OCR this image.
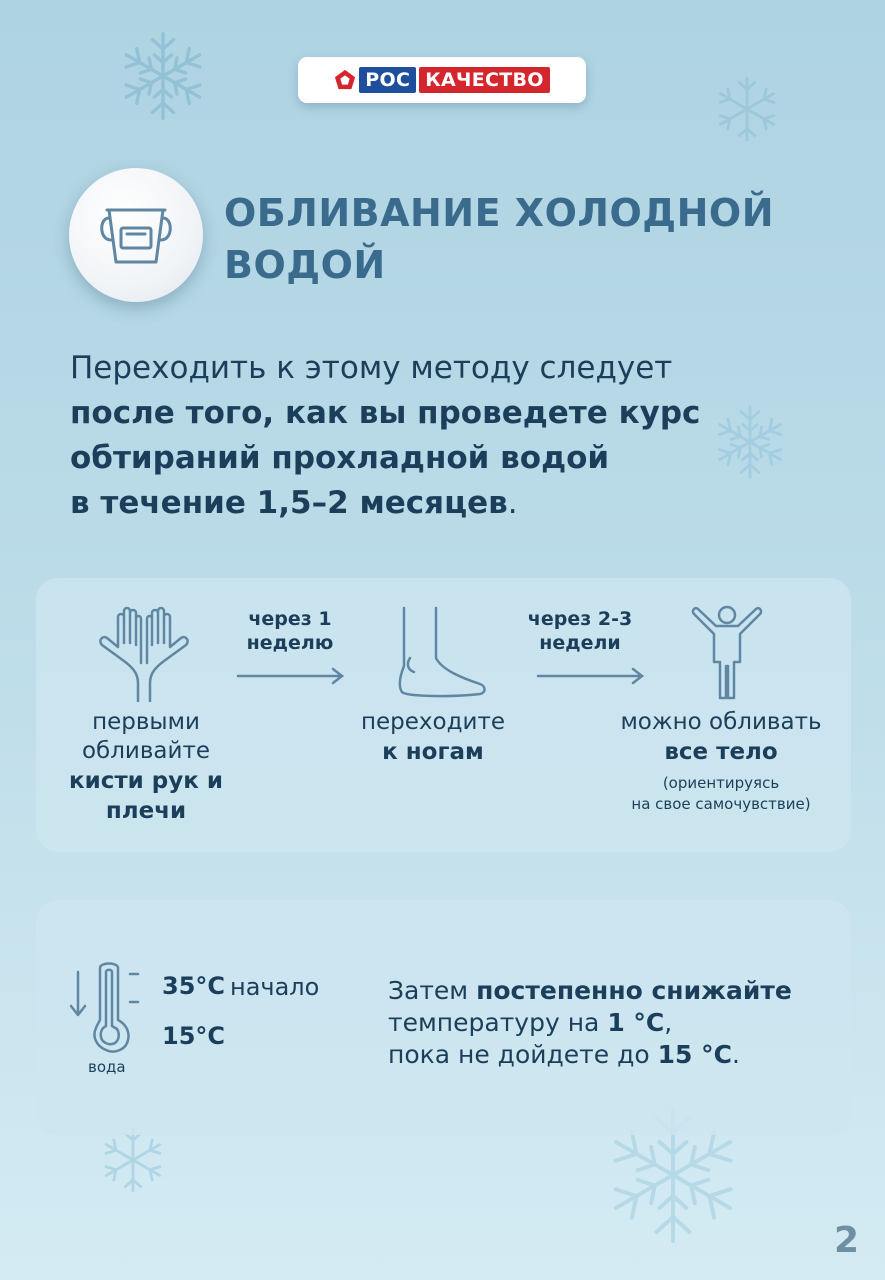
РОС КАЧЕСТВО
ОБЛИВАНИЕ ХОЛОДНОЙ
ВОДОЙ
Переходить к этому методу следует
после того, как вы проведете курс
обтираний прохладной водой
в течение 1,5–2 месяцев.
через 1
неделю
через 2-3
недели
первыми
обливайте
кисти рук и
плечи
переходите
к ногам
можно обливать
все тело
(ориентируясь
на свое самочувствие)
вода
35°C начало
15°C
Затем постепенно снижайте
температуру на 1 °C,
пока не дойдете до 15 °C.
2
